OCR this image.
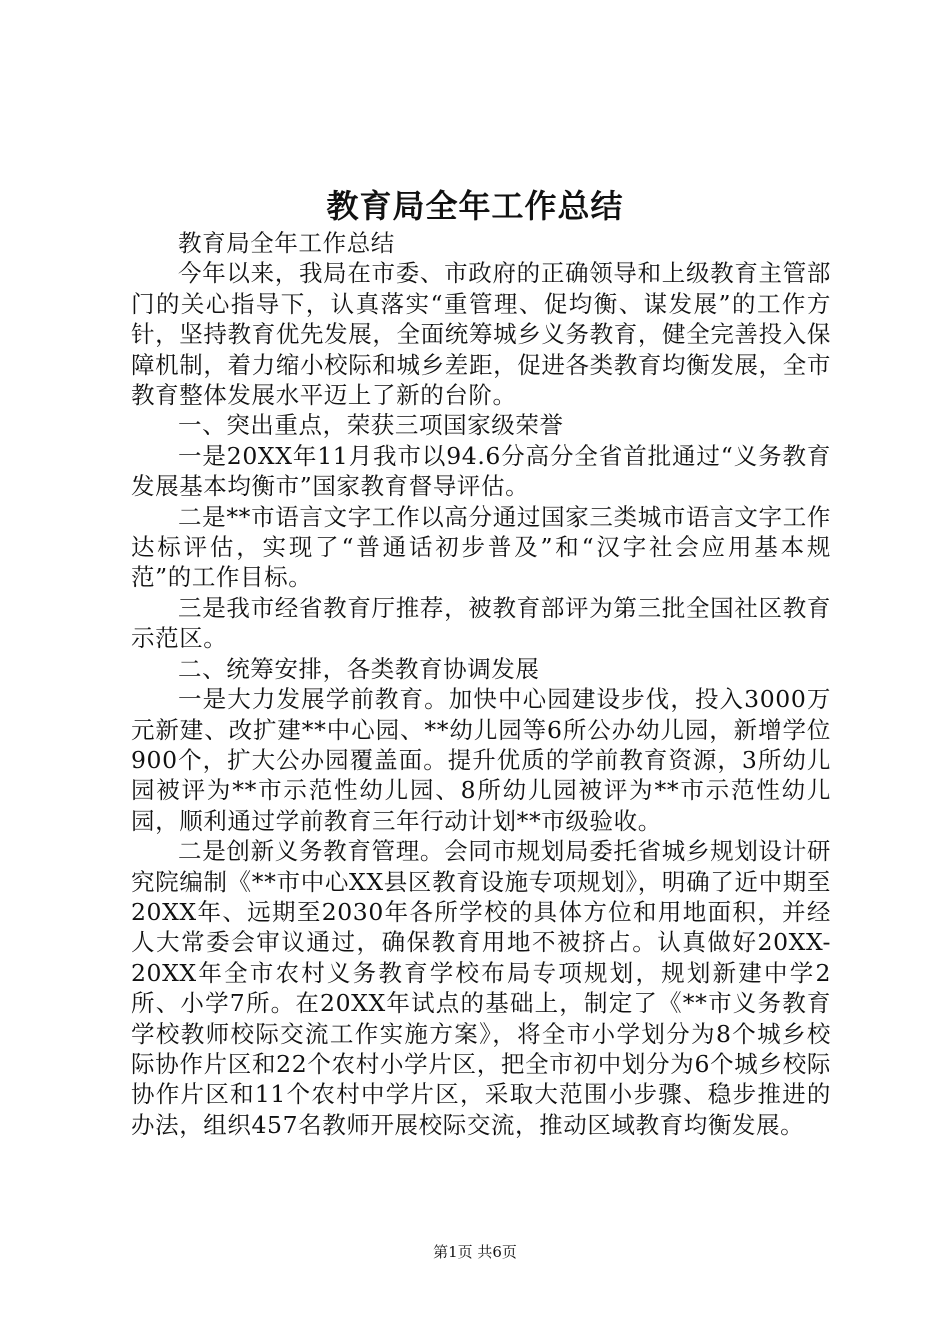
教育局全年工作总结

教育局全年工作总结

今年以来，我局在市委、市政府的正确领导和上级教育主管部门的关心指导下，认真落实“重管理、促均衡、谋发展”的工作方针，坚持教育优先发展，全面统筹城乡义务教育，健全完善投入保障机制，着力缩小校际和城乡差距，促进各类教育均衡发展，全市教育整体发展水平迈上了新的台阶。

一、突出重点，荣获三项国家级荣誉

一是20XX年11月我市以94.6分高分全省首批通过“义务教育发展基本均衡市”国家教育督导评估。

二是**市语言文字工作以高分通过国家三类城市语言文字工作达标评估，实现了“普通话初步普及”和“汉字社会应用基本规范”的工作目标。

三是我市经省教育厅推荐，被教育部评为第三批全国社区教育示范区。

二、统筹安排，各类教育协调发展

一是大力发展学前教育。加快中心园建设步伐，投入3000万元新建、改扩建**中心园、**幼儿园等6所公办幼儿园，新增学位900个，扩大公办园覆盖面。提升优质的学前教育资源，3所幼儿园被评为**市示范性幼儿园、8所幼儿园被评为**市示范性幼儿园，顺利通过学前教育三年行动计划**市级验收。

二是创新义务教育管理。会同市规划局委托省城乡规划设计研究院编制《**市中心XX县区教育设施专项规划》，明确了近中期至20XX年、远期至2030年各所学校的具体方位和用地面积，并经人大常委会审议通过，确保教育用地不被挤占。认真做好20XX-20XX年全市农村义务教育学校布局专项规划，规划新建中学2所、小学7所。在20XX年试点的基础上，制定了《**市义务教育学校教师校际交流工作实施方案》，将全市小学划分为8个城乡校际协作片区和22个农村小学片区，把全市初中划分为6个城乡校际协作片区和11个农村中学片区，采取大范围小步骤、稳步推进的办法，组织457名教师开展校际交流，推动区域教育均衡发展。

第1页 共6页
